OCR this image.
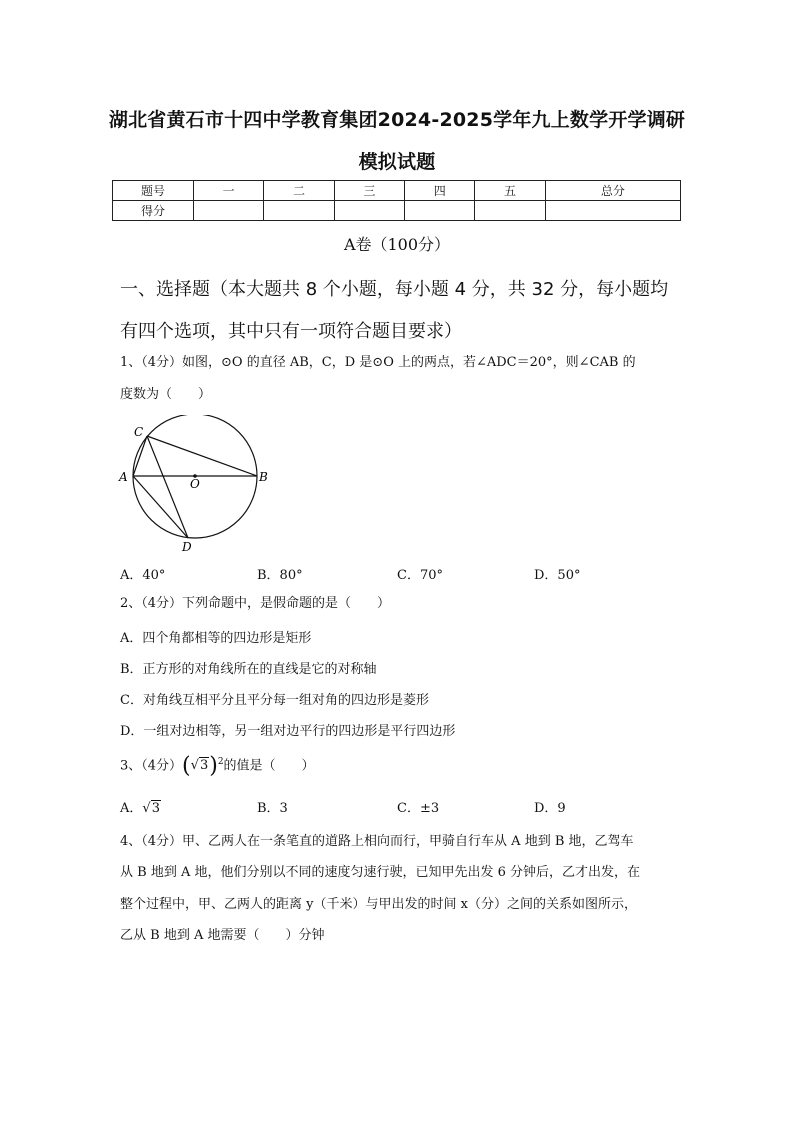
湖北省黄石市十四中学教育集团2024-2025学年九上数学开学调研
模拟试题
题号	一	二	三	四	五	总分
得分						
A卷（100分）
一、选择题（本大题共 8 个小题，每小题 4 分，共 32 分，每小题均
有四个选项，其中只有一项符合题目要求）
1、（4分）如图，⊙O 的直径 AB，C，D 是⊙O 上的两点，若∠ADC＝20°，则∠CAB 的
度数为（　　）
C
A	O	B
D
A．40°	B．80°	C．70°	D．50°
2、（4分）下列命题中，是假命题的是（　　）
A．四个角都相等的四边形是矩形
B．正方形的对角线所在的直线是它的对称轴
C．对角线互相平分且平分每一组对角的四边形是菱形
D．一组对边相等，另一组对边平行的四边形是平行四边形
3、（4分）$(√3)^2$的值是（　　）
A．√3	B．3	C．±3	D．9
4、（4分）甲、乙两人在一条笔直的道路上相向而行，甲骑自行车从 A 地到 B 地，乙驾车
从 B 地到 A 地，他们分别以不同的速度匀速行驶，已知甲先出发 6 分钟后，乙才出发，在
整个过程中，甲、乙两人的距离 y（千米）与甲出发的时间 x（分）之间的关系如图所示，
乙从 B 地到 A 地需要（　　）分钟
